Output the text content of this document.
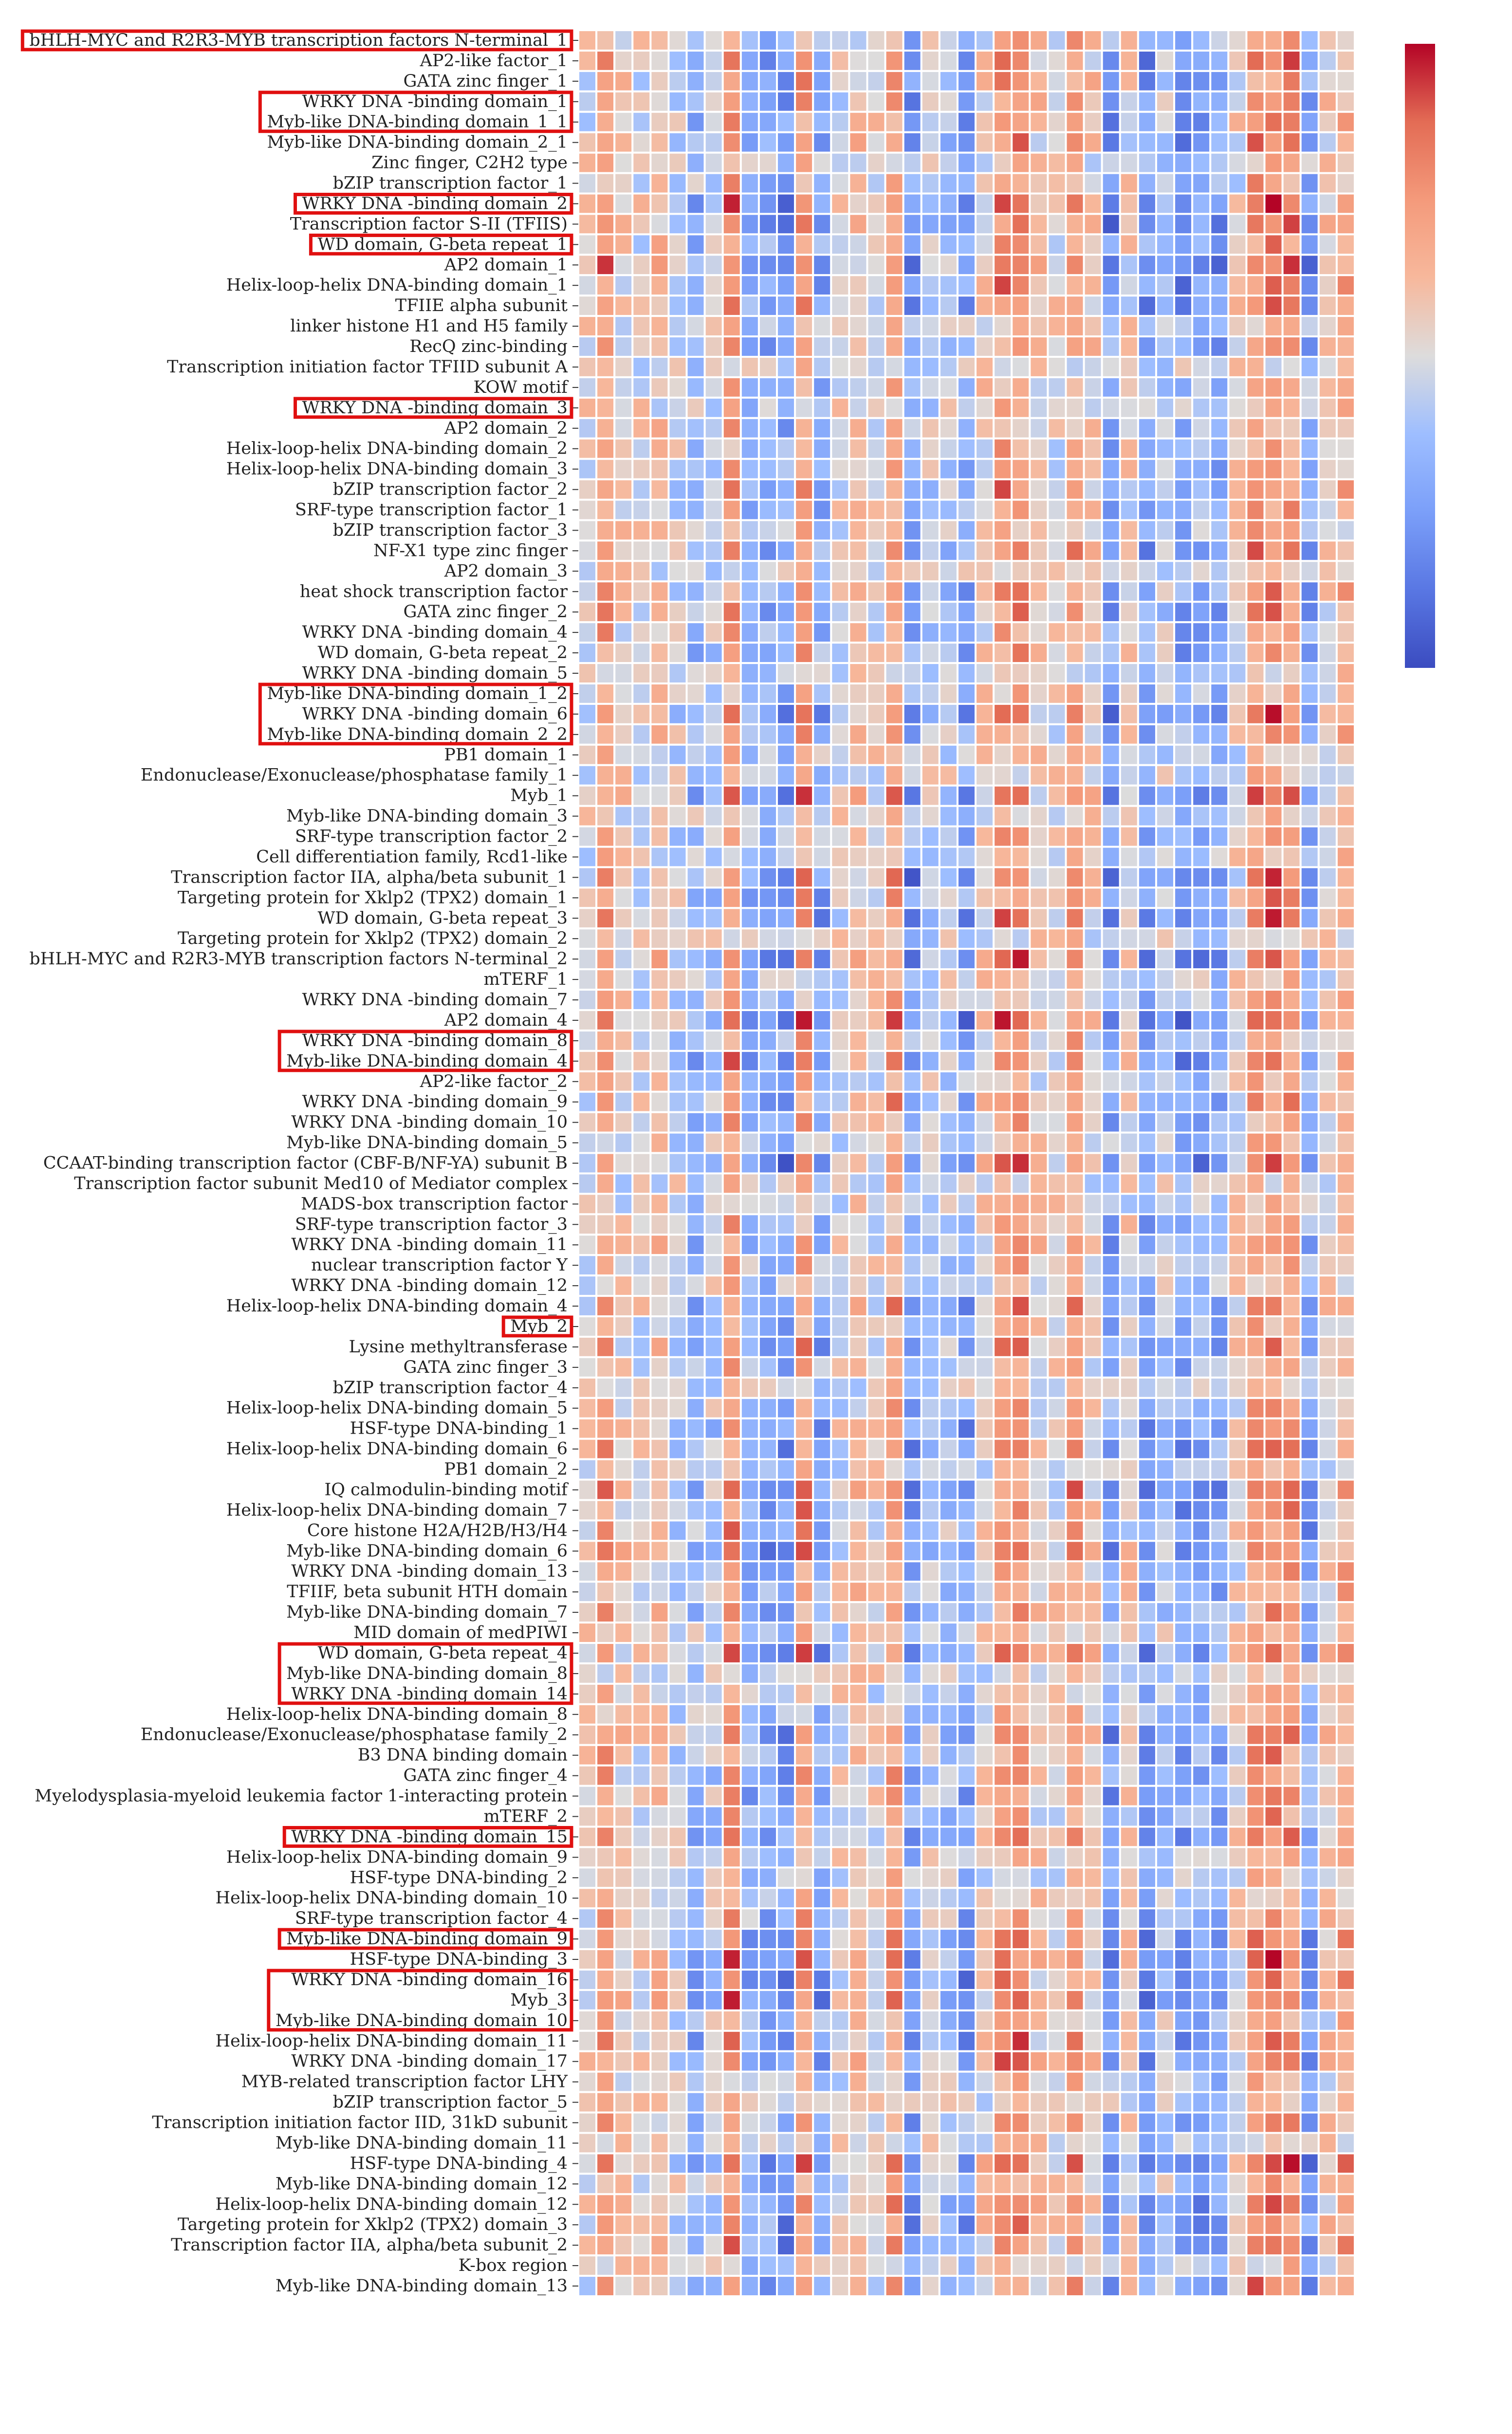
bHLH-MYC and R2R3-MYB transcription factors N-terminal_1
AP2-like factor_1
GATA zinc finger_1
WRKY DNA -binding domain_1
Myb-like DNA-binding domain_1_1
Myb-like DNA-binding domain_2_1
Zinc finger, C2H2 type
bZIP transcription factor_1
WRKY DNA -binding domain_2
Transcription factor S-II (TFIIS)
WD domain, G-beta repeat_1
AP2 domain_1
Helix-loop-helix DNA-binding domain_1
TFIIE alpha subunit
linker histone H1 and H5 family
RecQ zinc-binding
Transcription initiation factor TFIID subunit A
KOW motif
WRKY DNA -binding domain_3
AP2 domain_2
Helix-loop-helix DNA-binding domain_2
Helix-loop-helix DNA-binding domain_3
bZIP transcription factor_2
SRF-type transcription factor_1
bZIP transcription factor_3
NF-X1 type zinc finger
AP2 domain_3
heat shock transcription factor
GATA zinc finger_2
WRKY DNA -binding domain_4
WD domain, G-beta repeat_2
WRKY DNA -binding domain_5
Myb-like DNA-binding domain_1_2
WRKY DNA -binding domain_6
Myb-like DNA-binding domain_2_2
PB1 domain_1
Endonuclease/Exonuclease/phosphatase family_1
Myb_1
Myb-like DNA-binding domain_3
SRF-type transcription factor_2
Cell differentiation family, Rcd1-like
Transcription factor IIA, alpha/beta subunit_1
Targeting protein for Xklp2 (TPX2) domain_1
WD domain, G-beta repeat_3
Targeting protein for Xklp2 (TPX2) domain_2
bHLH-MYC and R2R3-MYB transcription factors N-terminal_2
mTERF_1
WRKY DNA -binding domain_7
AP2 domain_4
WRKY DNA -binding domain_8
Myb-like DNA-binding domain_4
AP2-like factor_2
WRKY DNA -binding domain_9
WRKY DNA -binding domain_10
Myb-like DNA-binding domain_5
CCAAT-binding transcription factor (CBF-B/NF-YA) subunit B
Transcription factor subunit Med10 of Mediator complex
MADS-box transcription factor
SRF-type transcription factor_3
WRKY DNA -binding domain_11
nuclear transcription factor Y
WRKY DNA -binding domain_12
Helix-loop-helix DNA-binding domain_4
Myb_2
Lysine methyltransferase
GATA zinc finger_3
bZIP transcription factor_4
Helix-loop-helix DNA-binding domain_5
HSF-type DNA-binding_1
Helix-loop-helix DNA-binding domain_6
PB1 domain_2
IQ calmodulin-binding motif
Helix-loop-helix DNA-binding domain_7
Core histone H2A/H2B/H3/H4
Myb-like DNA-binding domain_6
WRKY DNA -binding domain_13
TFIIF, beta subunit HTH domain
Myb-like DNA-binding domain_7
MID domain of medPIWI
WD domain, G-beta repeat_4
Myb-like DNA-binding domain_8
WRKY DNA -binding domain_14
Helix-loop-helix DNA-binding domain_8
Endonuclease/Exonuclease/phosphatase family_2
B3 DNA binding domain
GATA zinc finger_4
Myelodysplasia-myeloid leukemia factor 1-interacting protein
mTERF_2
WRKY DNA -binding domain_15
Helix-loop-helix DNA-binding domain_9
HSF-type DNA-binding_2
Helix-loop-helix DNA-binding domain_10
SRF-type transcription factor_4
Myb-like DNA-binding domain_9
HSF-type DNA-binding_3
WRKY DNA -binding domain_16
Myb_3
Myb-like DNA-binding domain_10
Helix-loop-helix DNA-binding domain_11
WRKY DNA -binding domain_17
MYB-related transcription factor LHY
bZIP transcription factor_5
Transcription initiation factor IID, 31kD subunit
Myb-like DNA-binding domain_11
HSF-type DNA-binding_4
Myb-like DNA-binding domain_12
Helix-loop-helix DNA-binding domain_12
Targeting protein for Xklp2 (TPX2) domain_3
Transcription factor IIA, alpha/beta subunit_2
K-box region
Myb-like DNA-binding domain_13
